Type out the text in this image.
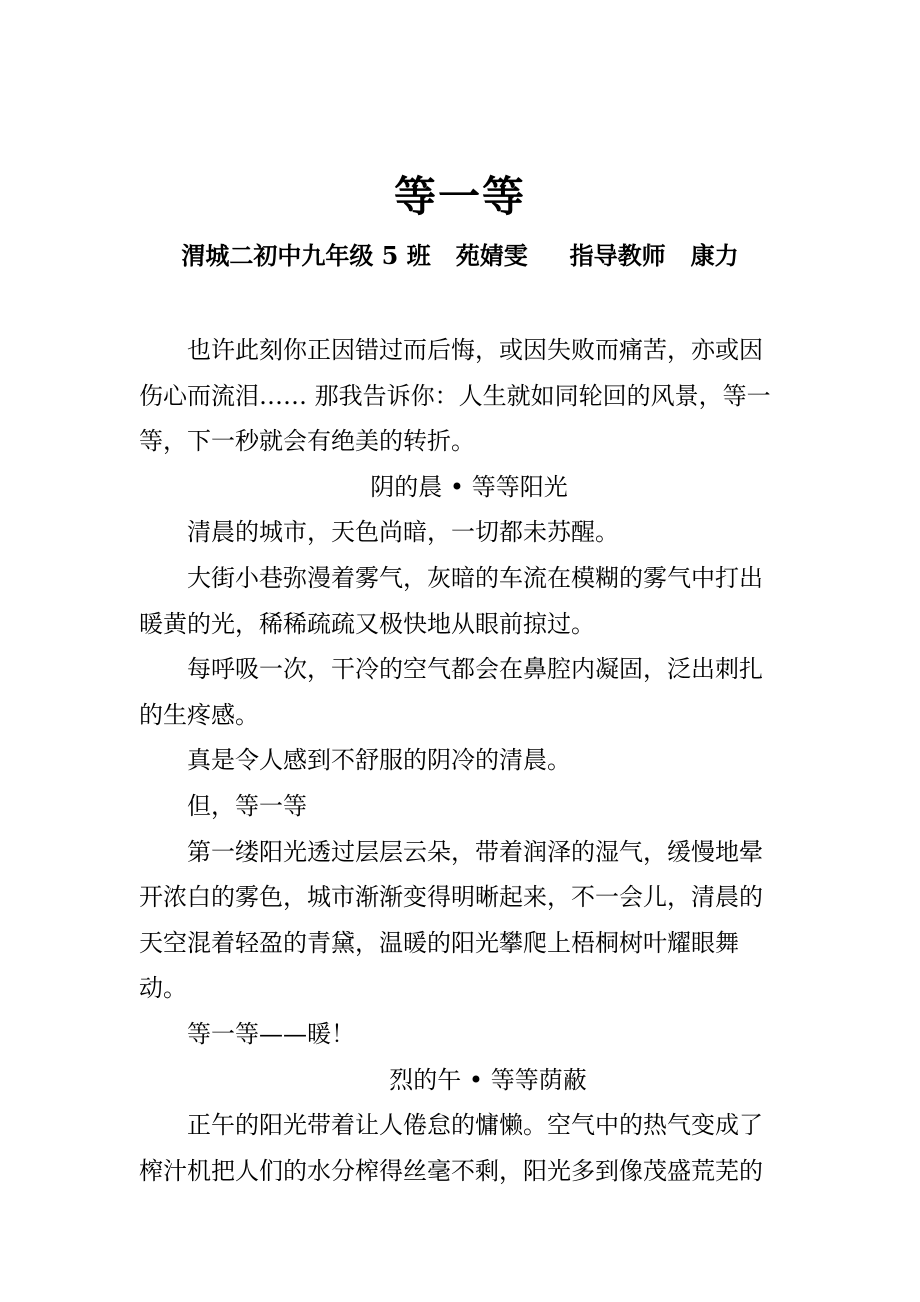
等一等
渭城二初中九年级 5 班   苑婧雯     指导教师   康力

也许此刻你正因错过而后悔，或因失败而痛苦，亦或因伤心而流泪…… 那我告诉你：人生就如同轮回的风景，等一等，下一秒就会有绝美的转折。

阴的晨 • 等等阳光

清晨的城市，天色尚暗，一切都未苏醒。

大街小巷弥漫着雾气，灰暗的车流在模糊的雾气中打出暖黄的光，稀稀疏疏又极快地从眼前掠过。

每呼吸一次，干冷的空气都会在鼻腔内凝固，泛出刺扎的生疼感。

真是令人感到不舒服的阴冷的清晨。

但，等一等

第一缕阳光透过层层云朵，带着润泽的湿气，缓慢地晕开浓白的雾色，城市渐渐变得明晰起来，不一会儿，清晨的天空混着轻盈的青黛，温暖的阳光攀爬上梧桐树叶耀眼舞动。

等一等——暖！

烈的午 • 等等荫蔽

正午的阳光带着让人倦怠的慵懒。空气中的热气变成了榨汁机把人们的水分榨得丝毫不剩，阳光多到像茂盛荒芜的
